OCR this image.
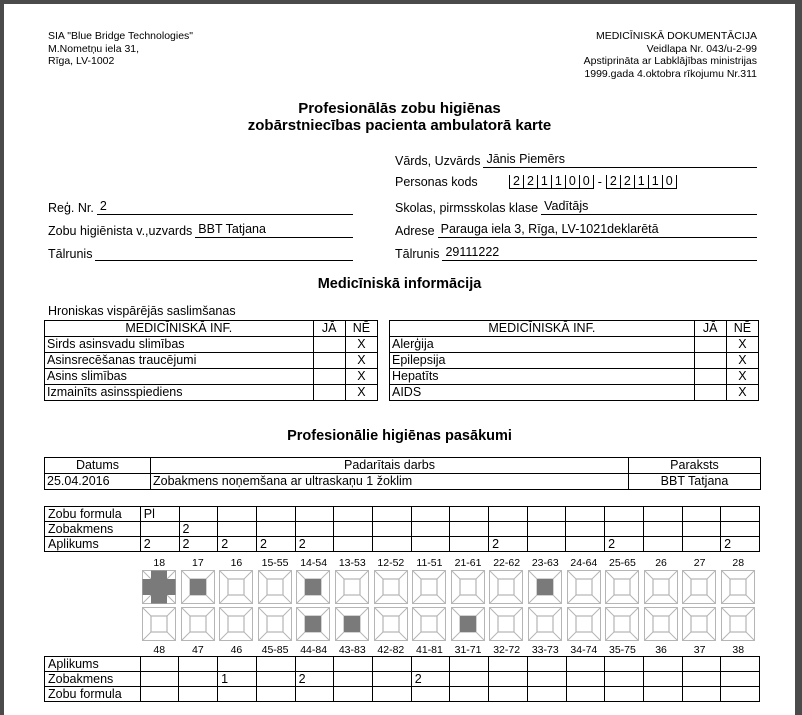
SIA "Blue Bridge Technologies"
M.Nometņu iela 31,
Rīga, LV-1002
MEDICĪNISKĀ DOKUMENTĀCIJA
Veidlapa Nr. 043/u-2-99
Apstiprināta ar Labklājības ministrijas
1999.gada 4.oktobra rīkojumu Nr.311
Profesionālās zobu higiēnas
zobārstniecības pacienta ambulatorā karte
Vārds, Uzvārds Jānis Piemērs
Personas kods	2 2 1 1 0 0 - 2 2 1 1 0
Skolas, pirmsskolas klase Vadītājs
Adrese Parauga iela 3, Rīga, LV-1021deklarētā
Tālrunis 29111222
Reģ. Nr. 2
Zobu higiēnista v.,uzvards BBT Tatjana
Tālrunis
Medicīniskā informācija
Hroniskas vispārējās saslimšanas
MEDICĪNISKĀ INF.	JĀ	NĒ
Sirds asinsvadu slimības		X
Asinsrecēšanas traucējumi		X
Asins slimības		X
Izmainīts asinsspiediens		X
MEDICĪNISKĀ INF.	JĀ	NĒ
Alerģija		X
Epilepsija		X
Hepatīts		X
AIDS		X
Profesionālie higiēnas pasākumi
Datums	Padarītais darbs	Paraksts
25.04.2016	Zobakmens noņemšana ar ultraskaņu 1 žoklim	BBT Tatjana
Zobu formula	Pl															
Zobakmens		2														
Aplikums	2	2	2	2	2					2			2			2
18	17	16	15-55	14-54	13-53	12-52	11-51	21-61	22-62	23-63	24-64	25-65	26	27	28
48	47	46	45-85	44-84	43-83	42-82	41-81	31-71	32-72	33-73	34-74	35-75	36	37	38
Aplikums																
Zobakmens			1		2			2								
Zobu formula																
